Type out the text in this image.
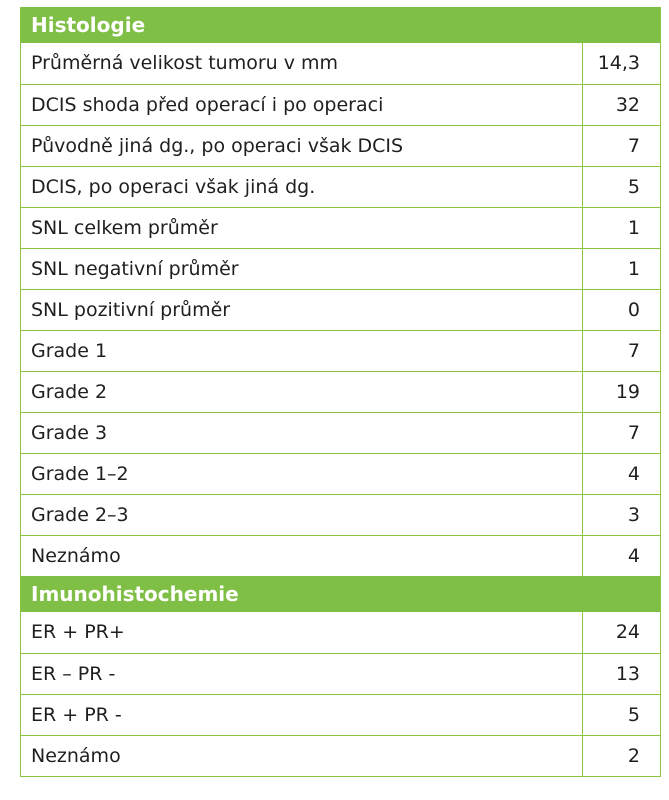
Histologie
Průměrná velikost tumoru v mm	14,3
DCIS shoda před operací i po operaci	32
Původně jiná dg., po operaci však DCIS	7
DCIS, po operaci však jiná dg.	5
SNL celkem průměr	1
SNL negativní průměr	1
SNL pozitivní průměr	0
Grade 1	7
Grade 2	19
Grade 3	7
Grade 1–2	4
Grade 2–3	3
Neznámo	4
Imunohistochemie
ER + PR+	24
ER – PR -	13
ER + PR -	5
Neznámo	2
